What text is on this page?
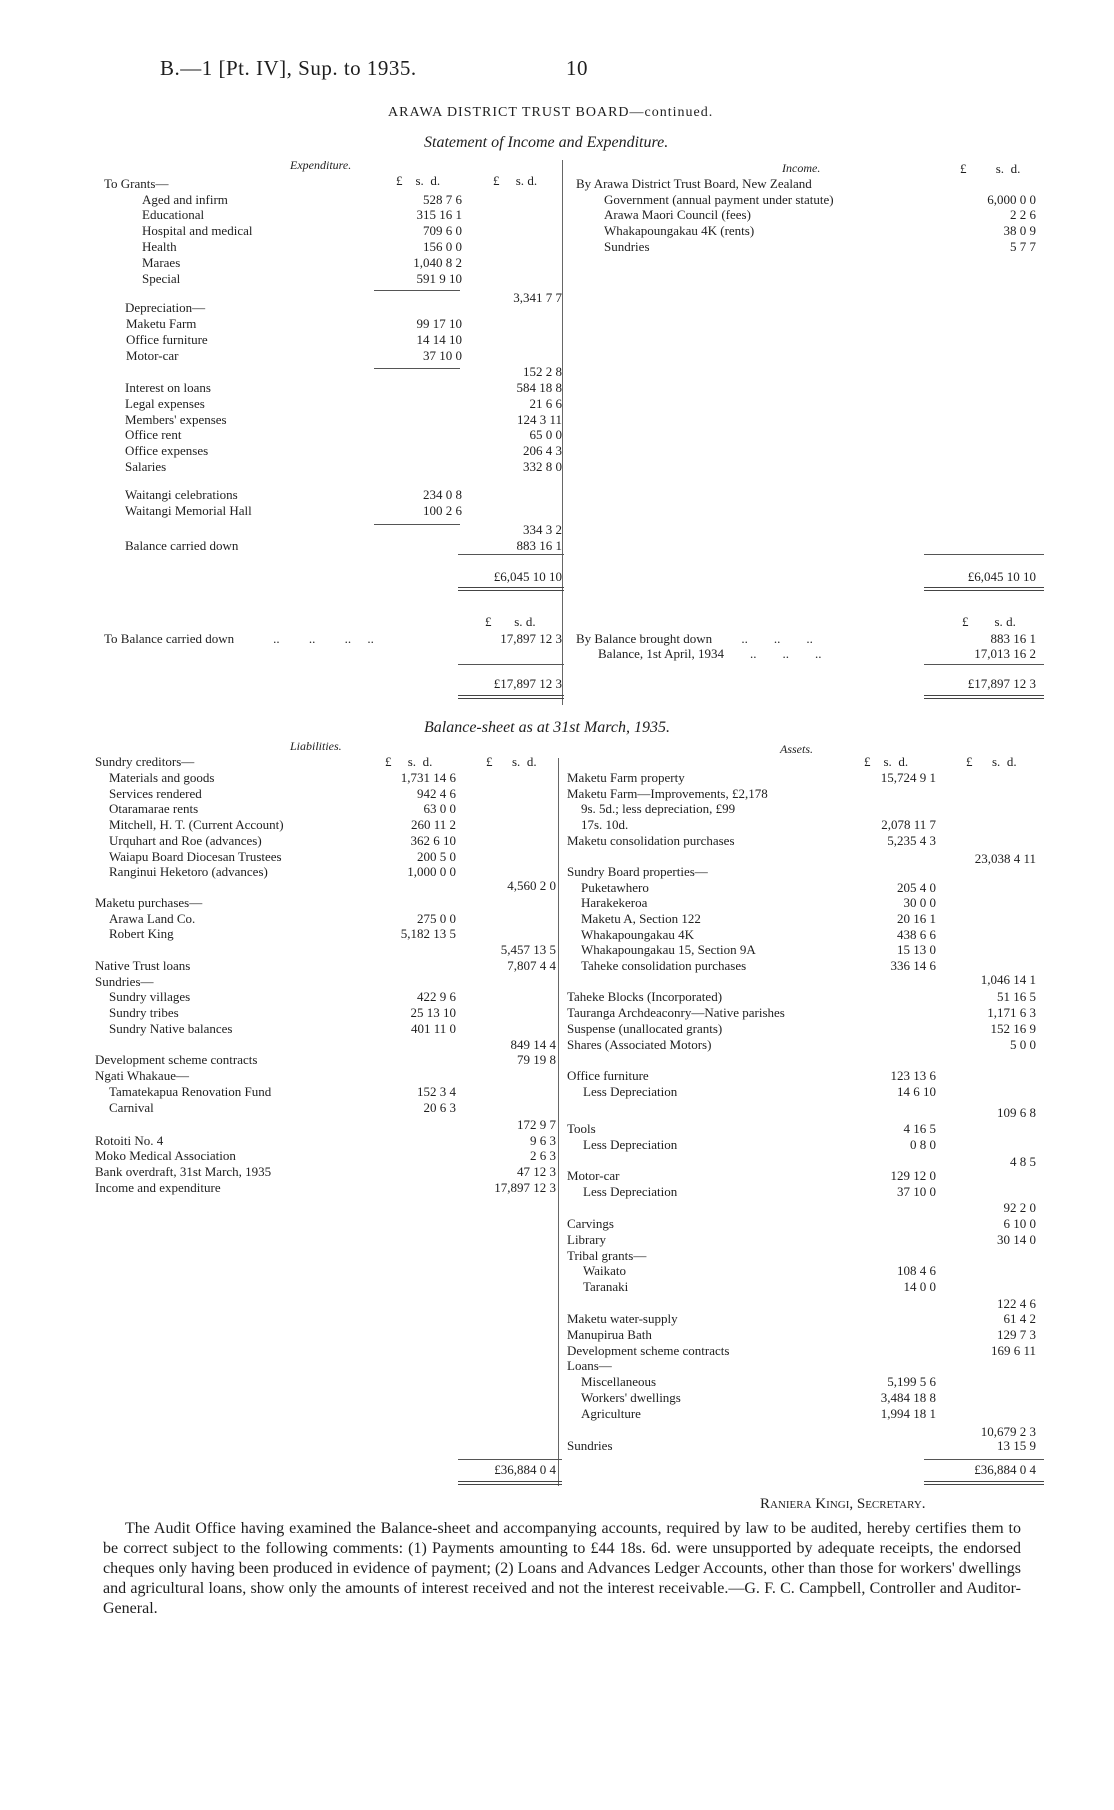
B.—1 [Pt. IV], Sup. to 1935.	10
ARAWA DISTRICT TRUST BOARD—continued.
Statement of Income and Expenditure.
Expenditure.	Income.	£ s. d.
£ s. d.	£ s. d.
To Grants—
Aged and infirm	528 7 6
Educational	315 16 1
Hospital and medical	709 6 0
Health	156 0 0
Maraes	1,040 8 2
Special	591 9 10
3,341 7 7
Depreciation—
Maketu Farm	99 17 10
Office furniture	14 14 10
Motor-car	37 10 0
152 2 8
Interest on loans	584 18 8
Legal expenses	21 6 6
Members' expenses	124 3 11
Office rent	65 0 0
Office expenses	206 4 3
Salaries	332 8 0
Waitangi celebrations	234 0 8
Waitangi Memorial Hall	100 2 6
334 3 2
Balance carried down	883 16 1
By Arawa District Trust Board, New Zealand
Government (annual payment under statute)	6,000 0 0
Arawa Maori Council (fees)	2 2 6
Whakapoungakau 4K (rents)	38 0 9
Sundries	5 7 7
£6,045 10 10	£6,045 10 10
£ s. d.	£ s. d.
To Balance carried down            ..         ..         ..     ..	17,897 12 3 By Balance brought down         ..        ..        ..	883 16 1
Balance, 1st April, 1934        ..        ..        ..	17,013 16 2
£17,897 12 3	£17,897 12 3
Balance-sheet as at 31st March, 1935.
Liabilities.	Assets.
£ s. d.	£ s. d.	£ s. d.	£ s. d.
Sundry creditors—
Materials and goods	1,731 14 6
Services rendered	942 4 6
Otaramarae rents	63 0 0
Mitchell, H. T. (Current Account)	260 11 2
Urquhart and Roe (advances)	362 6 10
Waiapu Board Diocesan Trustees	200 5 0
Ranginui Heketoro (advances)	1,000 0 0
4,560 2 0
Maketu purchases—
Arawa Land Co.	275 0 0
Robert King	5,182 13 5
5,457 13 5
Native Trust loans	7,807 4 4
Sundries—
Sundry villages	422 9 6
Sundry tribes	25 13 10
Sundry Native balances	401 11 0
849 14 4
Development scheme contracts	79 19 8
Ngati Whakaue—
Tamatekapua Renovation Fund	152 3 4
Carnival	20 6 3
172 9 7
Rotoiti No. 4	9 6 3
Moko Medical Association	2 6 3
Bank overdraft, 31st March, 1935	47 12 3
Income and expenditure	17,897 12 3
Maketu Farm property	15,724 9 1
Maketu Farm—Improvements, £2,178
9s. 5d.; less depreciation, £99
17s. 10d.	2,078 11 7
Maketu consolidation purchases	5,235 4 3
23,038 4 11
Sundry Board properties—
Puketawhero	205 4 0
Harakekeroa	30 0 0
Maketu A, Section 122	20 16 1
Whakapoungakau 4K	438 6 6
Whakapoungakau 15, Section 9A	15 13 0
Taheke consolidation purchases	336 14 6
1,046 14 1
Taheke Blocks (Incorporated)	51 16 5
Tauranga Archdeaconry—Native parishes	1,171 6 3
Suspense (unallocated grants)	152 16 9
Shares (Associated Motors)	5 0 0
Office furniture	123 13 6
Less Depreciation	14 6 10
109 6 8
Tools	4 16 5
Less Depreciation	0 8 0
4 8 5
Motor-car	129 12 0
Less Depreciation	37 10 0
92 2 0
Carvings	6 10 0
Library	30 14 0
Tribal grants—
Waikato	108 4 6
Taranaki	14 0 0
122 4 6
Maketu water-supply	61 4 2
Manupirua Bath	129 7 3
Development scheme contracts	169 6 11
Loans—
Miscellaneous	5,199 5 6
Workers' dwellings	3,484 18 8
Agriculture	1,994 18 1
10,679 2 3
Sundries	13 15 9
£36,884 0 4	£36,884 0 4
Raniera Kingi, Secretary.
The Audit Office having examined the Balance-sheet and accompanying accounts, required by law to be audited, hereby certifies them to be correct subject to the following comments: (1) Payments amounting to £44 18s. 6d. were unsupported by adequate receipts, the endorsed cheques only having been produced in evidence of payment; (2) Loans and Advances Ledger Accounts, other than those for workers' dwellings and agricultural loans, show only the amounts of interest received and not the interest receivable.—G. F. C. Campbell, Controller and Auditor-General.
